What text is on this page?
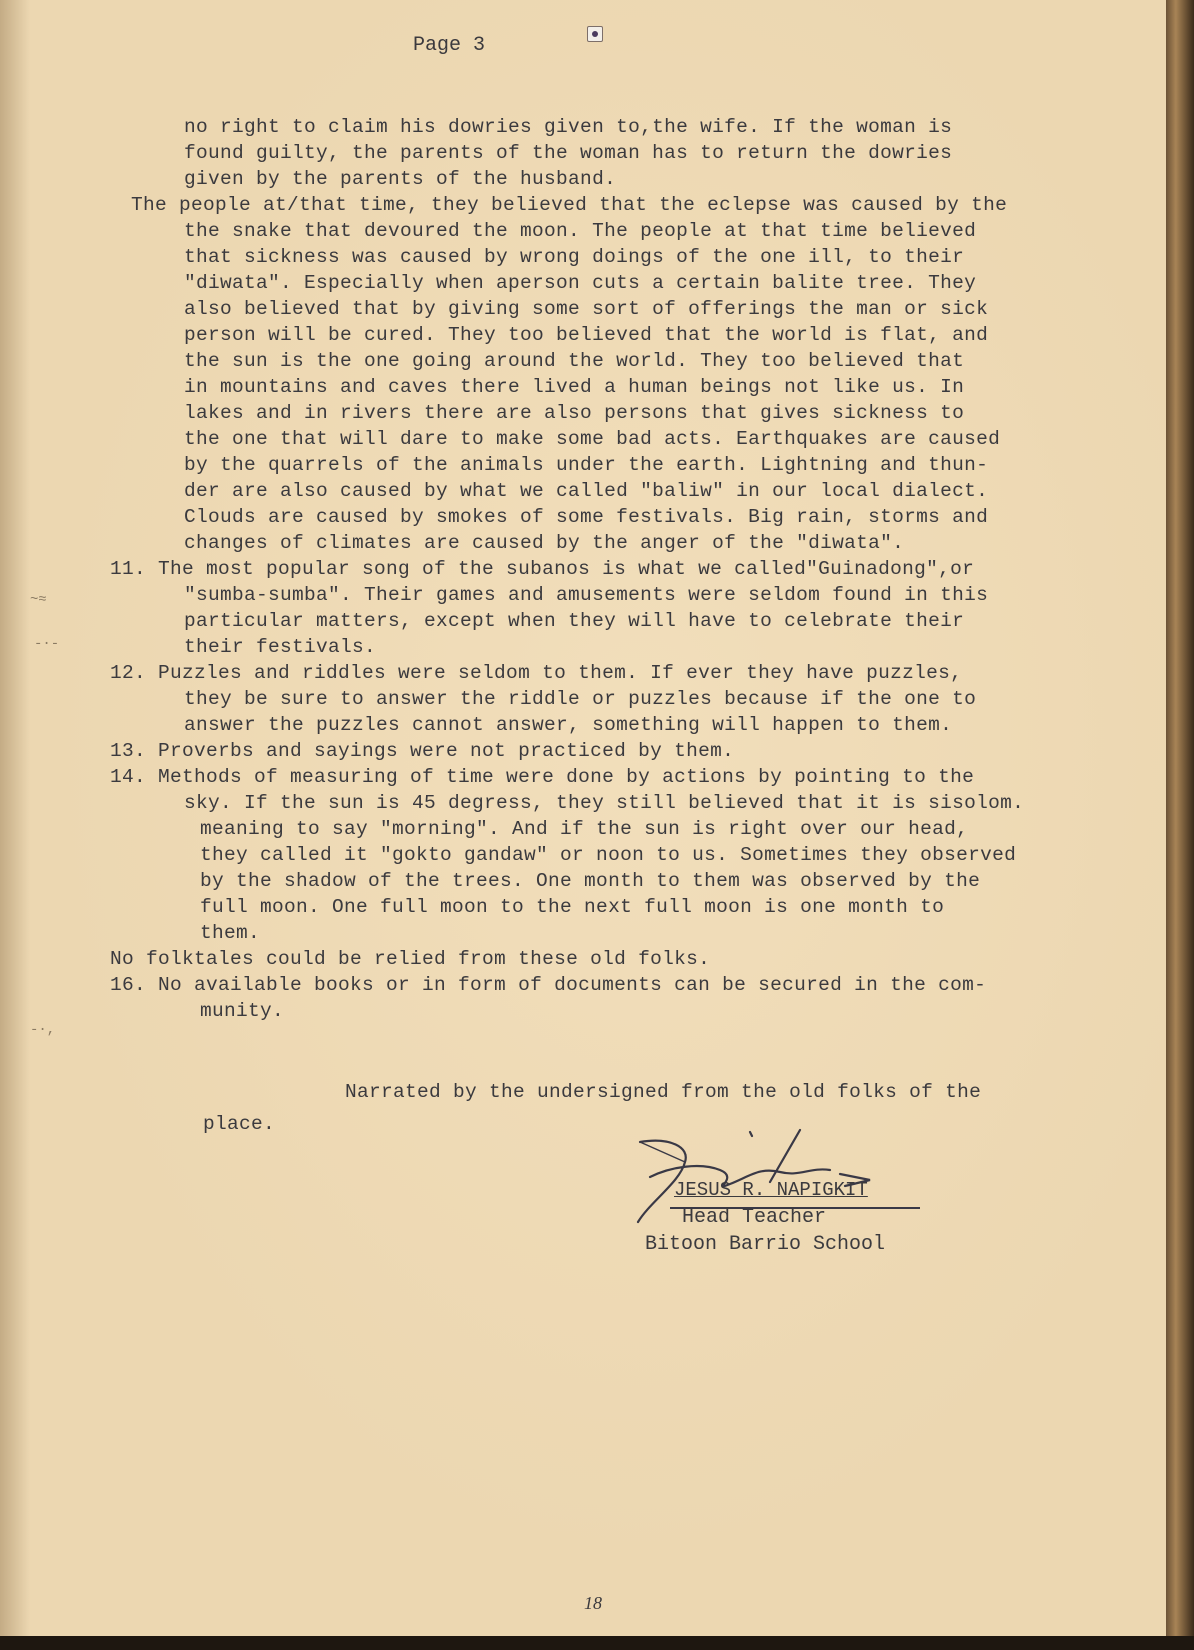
Page 3
no right to claim his dowries given to,the wife. If the woman is
found guilty, the parents of the woman has to return the dowries
given by the parents of the husband.
The people at/that time, they believed that the eclepse was caused by the
the snake that devoured the moon. The people at that time believed
that sickness was caused by wrong doings of the one ill, to their
"diwata". Especially when aperson cuts a certain balite tree. They
also believed that by giving some sort of offerings the man or sick
person will be cured. They too believed that the world is flat, and
the sun is the one going around the world. They too believed that
in mountains and caves there lived a human beings not like us. In
lakes and in rivers there are also persons that gives sickness to
the one that will dare to make some bad acts. Earthquakes are caused
by the quarrels of the animals under the earth. Lightning and thun-
der are also caused by what we called "baliw" in our local dialect.
Clouds are caused by smokes of some festivals. Big rain, storms and
changes of climates are caused by the anger of the "diwata".
11. The most popular song of the subanos is what we called"Guinadong",or
"sumba-sumba". Their games and amusements were seldom found in this
particular matters, except when they will have to celebrate their
their festivals.
12. Puzzles and riddles were seldom to them. If ever they have puzzles,
they be sure to answer the riddle or puzzles because if the one to
answer the puzzles cannot answer, something will happen to them.
13. Proverbs and sayings were not practiced by them.
14. Methods of measuring of time were done by actions by pointing to the
sky. If the sun is 45 degress, they still believed that it is sisolom.
meaning to say "morning". And if the sun is right over our head,
they called it "gokto gandaw" or noon to us. Sometimes they observed
by the shadow of the trees. One month to them was observed by the
full moon. One full moon to the next full moon is one month to
them.
No folktales could be relied from these old folks.
16. No available books or in form of documents can be secured in the com-
munity.
Narrated by the undersigned from the old folks of the
place.
JESUS R. NAPIGKIT
Head Teacher
Bitoon Barrio School
~≈
-·-
-·,
18
